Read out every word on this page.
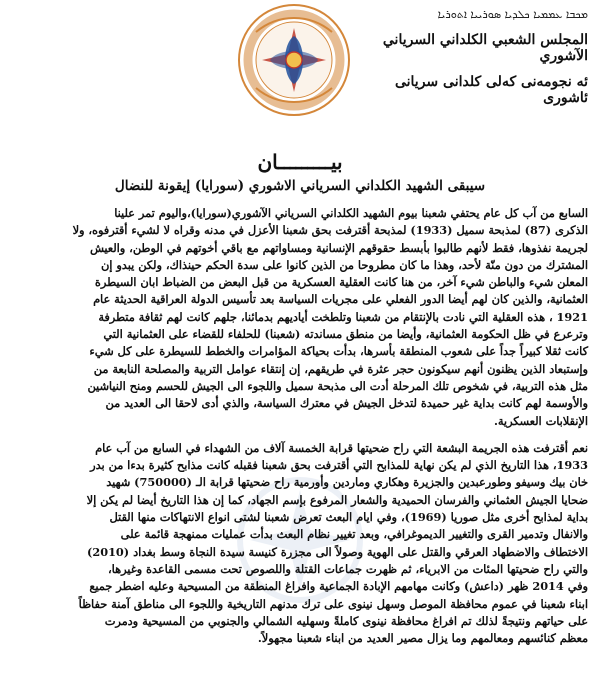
ܡܟܒܐ ܥܡܡܝܐ ܟܠܕܝܐ ܣܘܪܝܝܐ ܐܬܘܪܝܐ
المجلس الشعبي الكلداني السرياني الآشوري
ئه نجومه‌نی که‌لی کلدانی سریانی ئاشوری
بيـــــــــان
سيبقى الشهيد الكلداني السرياني الاشوري (سورايا) إيقونة للنضال

السابع من آب كل عام يحتفي شعبنا بيوم الشهيد الكلداني السرياني الآشوري(سورايا)،واليوم تمر علينا
الذكرى (87) لمذبحة سميل (1933) لمذبحة أقترفت بحق شعبنا الأعزل في مدنه وقراه لا لشيء أقترفوه، ولا
لجريمة نفذوها، فقط لأنهم طالبوا بأبسط حقوقهم الإنسانية ومساواتهم مع باقي أخوتهم في الوطن، والعيش
المشترك من دون منّة لأحد، وهذا ما كان مطروحا من الذين كانوا على سدة الحكم حينذاك، ولكن يبدو إن
المعلن شيء والباطن شيء آخر، من هنا كانت العقلية العسكرية من قبل البعض من الضباط ابان السيطرة
العثمانية، والذين كان لهم أيضا الدور الفعلي على مجريات السياسة بعد تأسيس الدولة العراقية الحديثة عام
1921 ، هذه العقلية التي نادت بالإنتقام من شعبنا وتلطخت أياديهم بدمائنا، جلهم كانت لهم ثقافة متطرفة
وترعرع في ظل الحكومة العثمانية، وأيضا من منطق مساندته (شعبنا) للحلفاء للقضاء على العثمانية التي
كانت ثقلا كبيراً جداً على شعوب المنطقة بأسرها، بدأت بحياكة المؤامرات والخطط للسيطرة على كل شيء
وإستبعاد الذين يظنون أنهم سيكونون حجر عثرة في طريقهم، إن إنتقاء عوامل التربية والمصلحة النابعة من
مثل هذه التربية، في شخوص تلك المرحلة أدت الى مذبحة سميل واللجوء الى الجيش للحسم ومنح النياشين
والأوسمة لهم كانت بداية غير حميدة لتدخل الجيش في معترك السياسة، والذي أدى لاحقا الى العديد من
الإنقلابات العسكرية.

نعم أقترفت هذه الجريمة البشعة التي راح ضحيتها قرابة الخمسة آلاف من الشهداء في السابع من آب عام
1933، هذا التاريخ الذي لم يكن نهاية للمذابح التي أقترفت بحق شعبنا فقبله كانت مذابح كثيرة بدءا من بدر
خان بيك وسيفو وطورعبدين والجزيرة وهكاري وماردين وأورمية راح ضحيتها قرابة الـ (750000) شهيد
ضحايا الجيش العثماني والفرسان الحميدية والشعار المرفوع بإسم الجهاد، كما إن هذا التاريخ أيضا لم يكن إلا
بداية لمذابح أخرى مثل صوريا (1969)، وفي ايام البعث تعرض شعبنا لشتى انواع الانتهاكات منها القتل
والانفال وتدمير القرى والتغيير الديموغرافي، وبعد تغيير نظام البعث بدأت عمليات ممنهجة قائمة على
الاختطاف والاضطهاد العرقي والقتل على الهوية وصولاً الى مجزرة كنيسة سيدة النجاة وسط بغداد (2010)
والتي راح ضحيتها المئات من الابرياء، ثم ظهرت جماعات القتلة واللصوص تحت مسمى القاعدة وغيرها،
وفي 2014 ظهر (داعش) وكانت مهامهم الإبادة الجماعية وافراغ المنطقة من المسيحية وعليه اضطر جميع
ابناء شعبنا في عموم محافظة الموصل وسهل نينوى على ترك مدنهم التاريخية واللجوء الى مناطق آمنة حفاظاً
على حياتهم ونتيجةً لذلك تم افراغ محافظة نينوى كاملةً وسهليه الشمالي والجنوبي من المسيحية ودمرت
معظم كنائسهم ومعالمهم وما يزال مصير العديد من ابناء شعبنا مجهولاً.
